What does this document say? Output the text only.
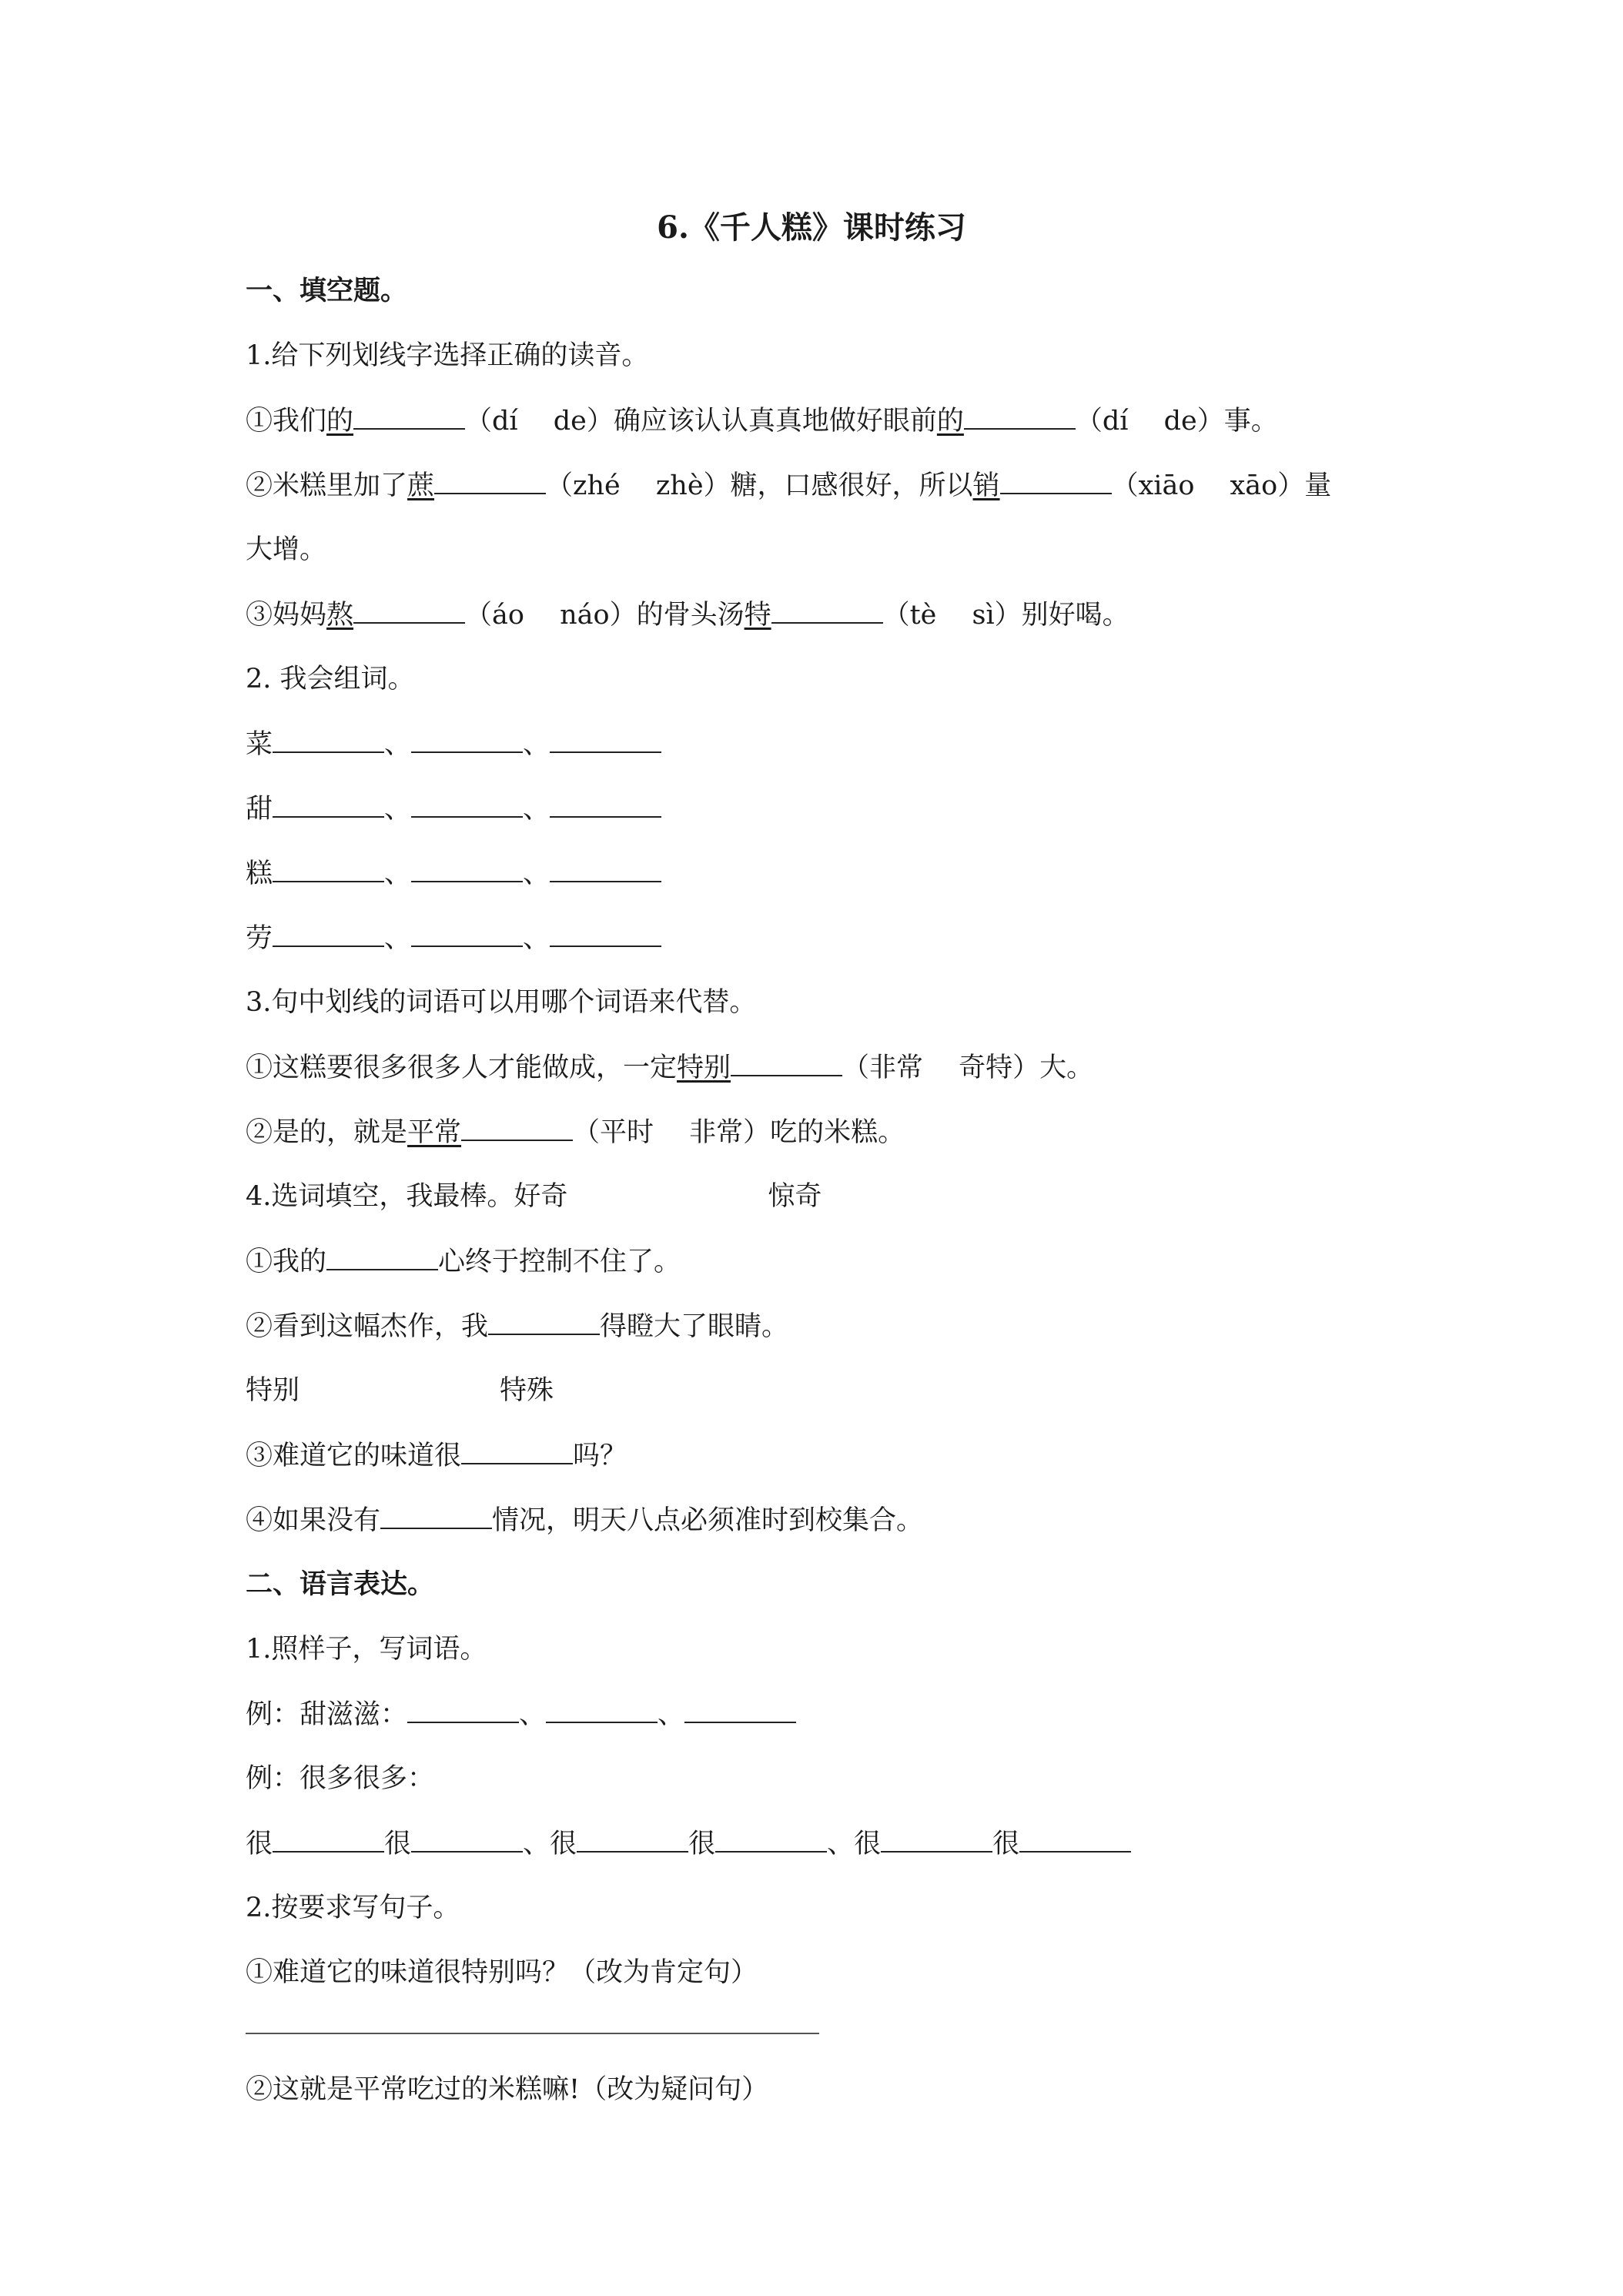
6.《千人糕》课时练习
一、填空题。
1.给下列划线字选择正确的读音。
①我们的	（dí　 de）确应该认认真真地做好眼前的	（dí　 de）事。
②米糕里加了蔗	（zhé　 zhè）糖，口感很好，所以销	（xiāo　 xāo）量
大增。
③妈妈熬	（áo　 náo）的骨头汤特	（tè　 sì）别好喝。
2. 我会组词。
菜	、	、
甜	、	、
糕	、	、
劳	、	、
3.句中划线的词语可以用哪个词语来代替。
①这糕要很多很多人才能做成，一定特别	（非常　 奇特）大。
②是的，就是平常	（平时　 非常）吃的米糕。
4.选词填空，我最棒。好奇	惊奇
①我的	心终于控制不住了。
②看到这幅杰作，我	得瞪大了眼睛。
特别	特殊
③难道它的味道很	吗？
④如果没有	情况，明天八点必须准时到校集合。
二、语言表达。
1.照样子，写词语。
例：甜滋滋：	、	、
例：很多很多：
很	很	、很	很	、很	很
2.按要求写句子。
①难道它的味道很特别吗？（改为肯定句）
②这就是平常吃过的米糕嘛!（改为疑问句）
